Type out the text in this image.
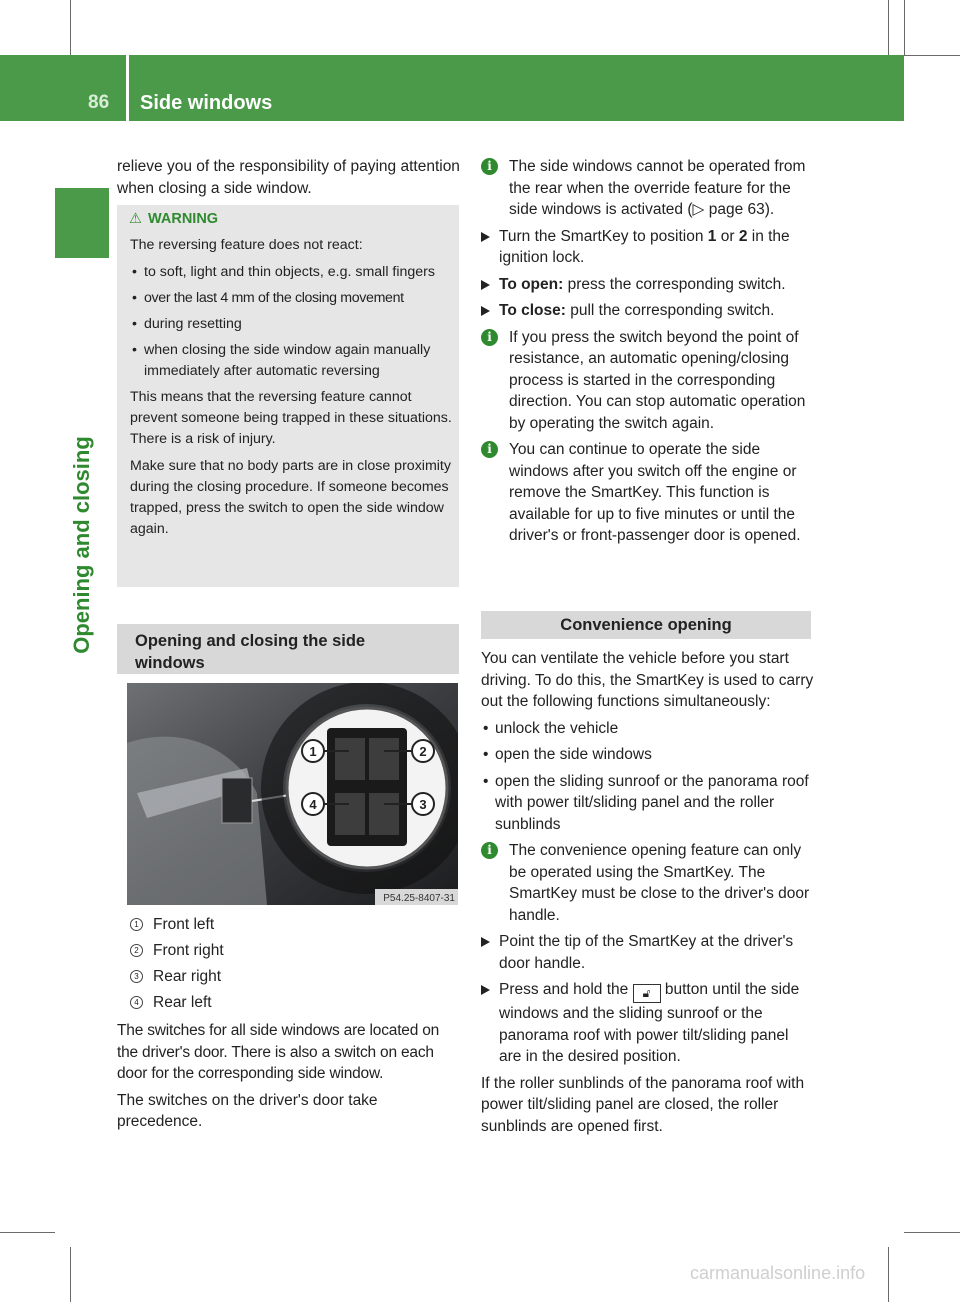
86 Side windows
Opening and closing

relieve you of the responsibility of paying attention when closing a side window.

⚠ WARNING

The reversing feature does not react:

• to soft, light and thin objects, e.g. small fingers
• over the last 4 mm of the closing movement
• during resetting
• when closing the side window again manually immediately after automatic reversing

This means that the reversing feature cannot prevent someone being trapped in these situations. There is a risk of injury.

Make sure that no body parts are in close proximity during the closing procedure. If someone becomes trapped, press the switch to open the side window again.

Opening and closing the side windows
1	2
3
4
P54.25-8407-31
1 Front left
2 Front right
3 Rear right
4 Rear left

The switches for all side windows are located on the driver's door. There is also a switch on each door for the corresponding side window.

The switches on the driver's door take precedence.

i	The side windows cannot be operated from the rear when the override feature for the side windows is activated (▷ page 63).
Turn the SmartKey to position 1 or 2 in the ignition lock.
To open: press the corresponding switch.
To close: pull the corresponding switch.
i	If you press the switch beyond the point of resistance, an automatic opening/closing process is started in the corresponding direction. You can stop automatic operation by operating the switch again.
i	You can continue to operate the side windows after you switch off the engine or remove the SmartKey. This function is available for up to five minutes or until the driver's or front-passenger door is opened.
Convenience opening

You can ventilate the vehicle before you start driving. To do this, the SmartKey is used to carry out the following functions simultaneously:

• unlock the vehicle
• open the side windows
• open the sliding sunroof or the panorama roof with power tilt/sliding panel and the roller sunblinds
i	The convenience opening feature can only be operated using the SmartKey. The SmartKey must be close to the driver's door handle.
Point the tip of the SmartKey at the driver's door handle.
Press and hold the 🔓︎ button until the side windows and the sliding sunroof or the panorama roof with power tilt/sliding panel are in the desired position.

If the roller sunblinds of the panorama roof with power tilt/sliding panel are closed, the roller sunblinds are opened first.

carmanualsonline.info
